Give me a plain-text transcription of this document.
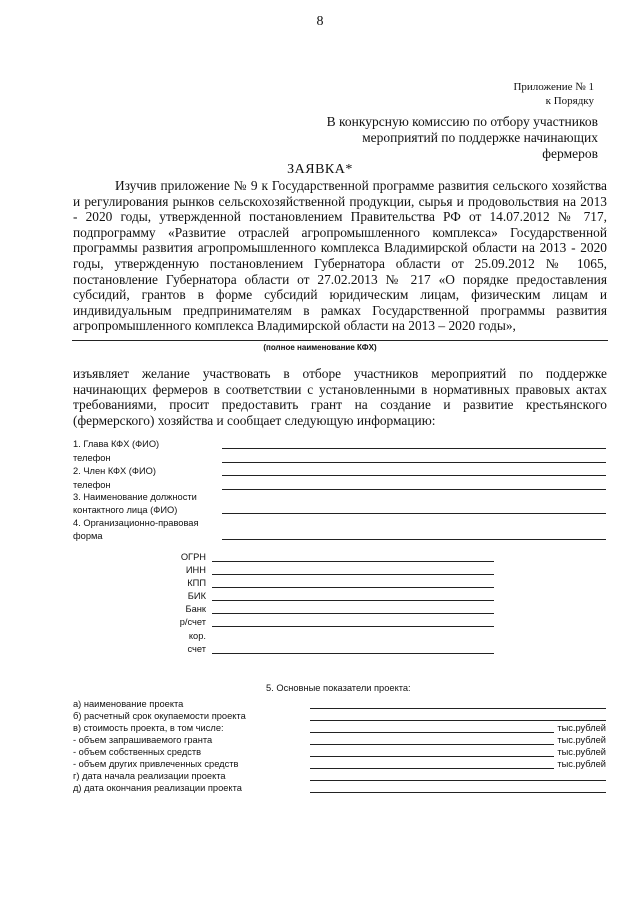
8
Приложение № 1
к Порядку
В конкурсную комиссию по отбору участников
мероприятий по поддержке начинающих
фермеров
ЗАЯВКА*
Изучив приложение № 9 к Государственной программе развития сельского хозяйства и регулирования рынков сельскохозяйственной продукции, сырья и продовольствия на 2013 - 2020 годы, утвержденной постановлением Правительства РФ от 14.07.2012 № 717, подпрограмму «Развитие отраслей агропромышленного комплекса» Государственной программы развития агропромышленного комплекса Владимирской области на 2013 - 2020 годы, утвержденную постановлением Губернатора области от 25.09.2012 № 1065, постановление Губернатора области от 27.02.2013 № 217 «О порядке предоставления субсидий, грантов в форме субсидий юридическим лицам, физическим лицам и индивидуальным предпринимателям в рамках Государственной программы развития агропромышленного комплекса Владимирской области на 2013 – 2020 годы»,
(полное наименование КФХ)
изъявляет желание участвовать в отборе участников мероприятий по поддержке начинающих фермеров в соответствии с установленными в нормативных правовых актах требованиями, просит предоставить грант на создание и развитие крестьянского (фермерского) хозяйства и сообщает следующую информацию:
1. Глава КФХ (ФИО)
телефон
2. Член КФХ (ФИО)
телефон
3. Наименование должности
контактного лица (ФИО)
4. Организационно-правовая
форма
ОГРН
ИНН
КПП
БИК
Банк
р/счет
кор.
счет
5. Основные показатели проекта:
а) наименование проекта
б) расчетный срок окупаемости проекта
в) стоимость проекта, в том числе:
- объем запрашиваемого гранта
- объем собственных средств
- объем других привлеченных средств
г) дата начала реализации проекта
д) дата окончания реализации проекта
тыс.рублей
тыс.рублей
тыс.рублей
тыс.рублей
